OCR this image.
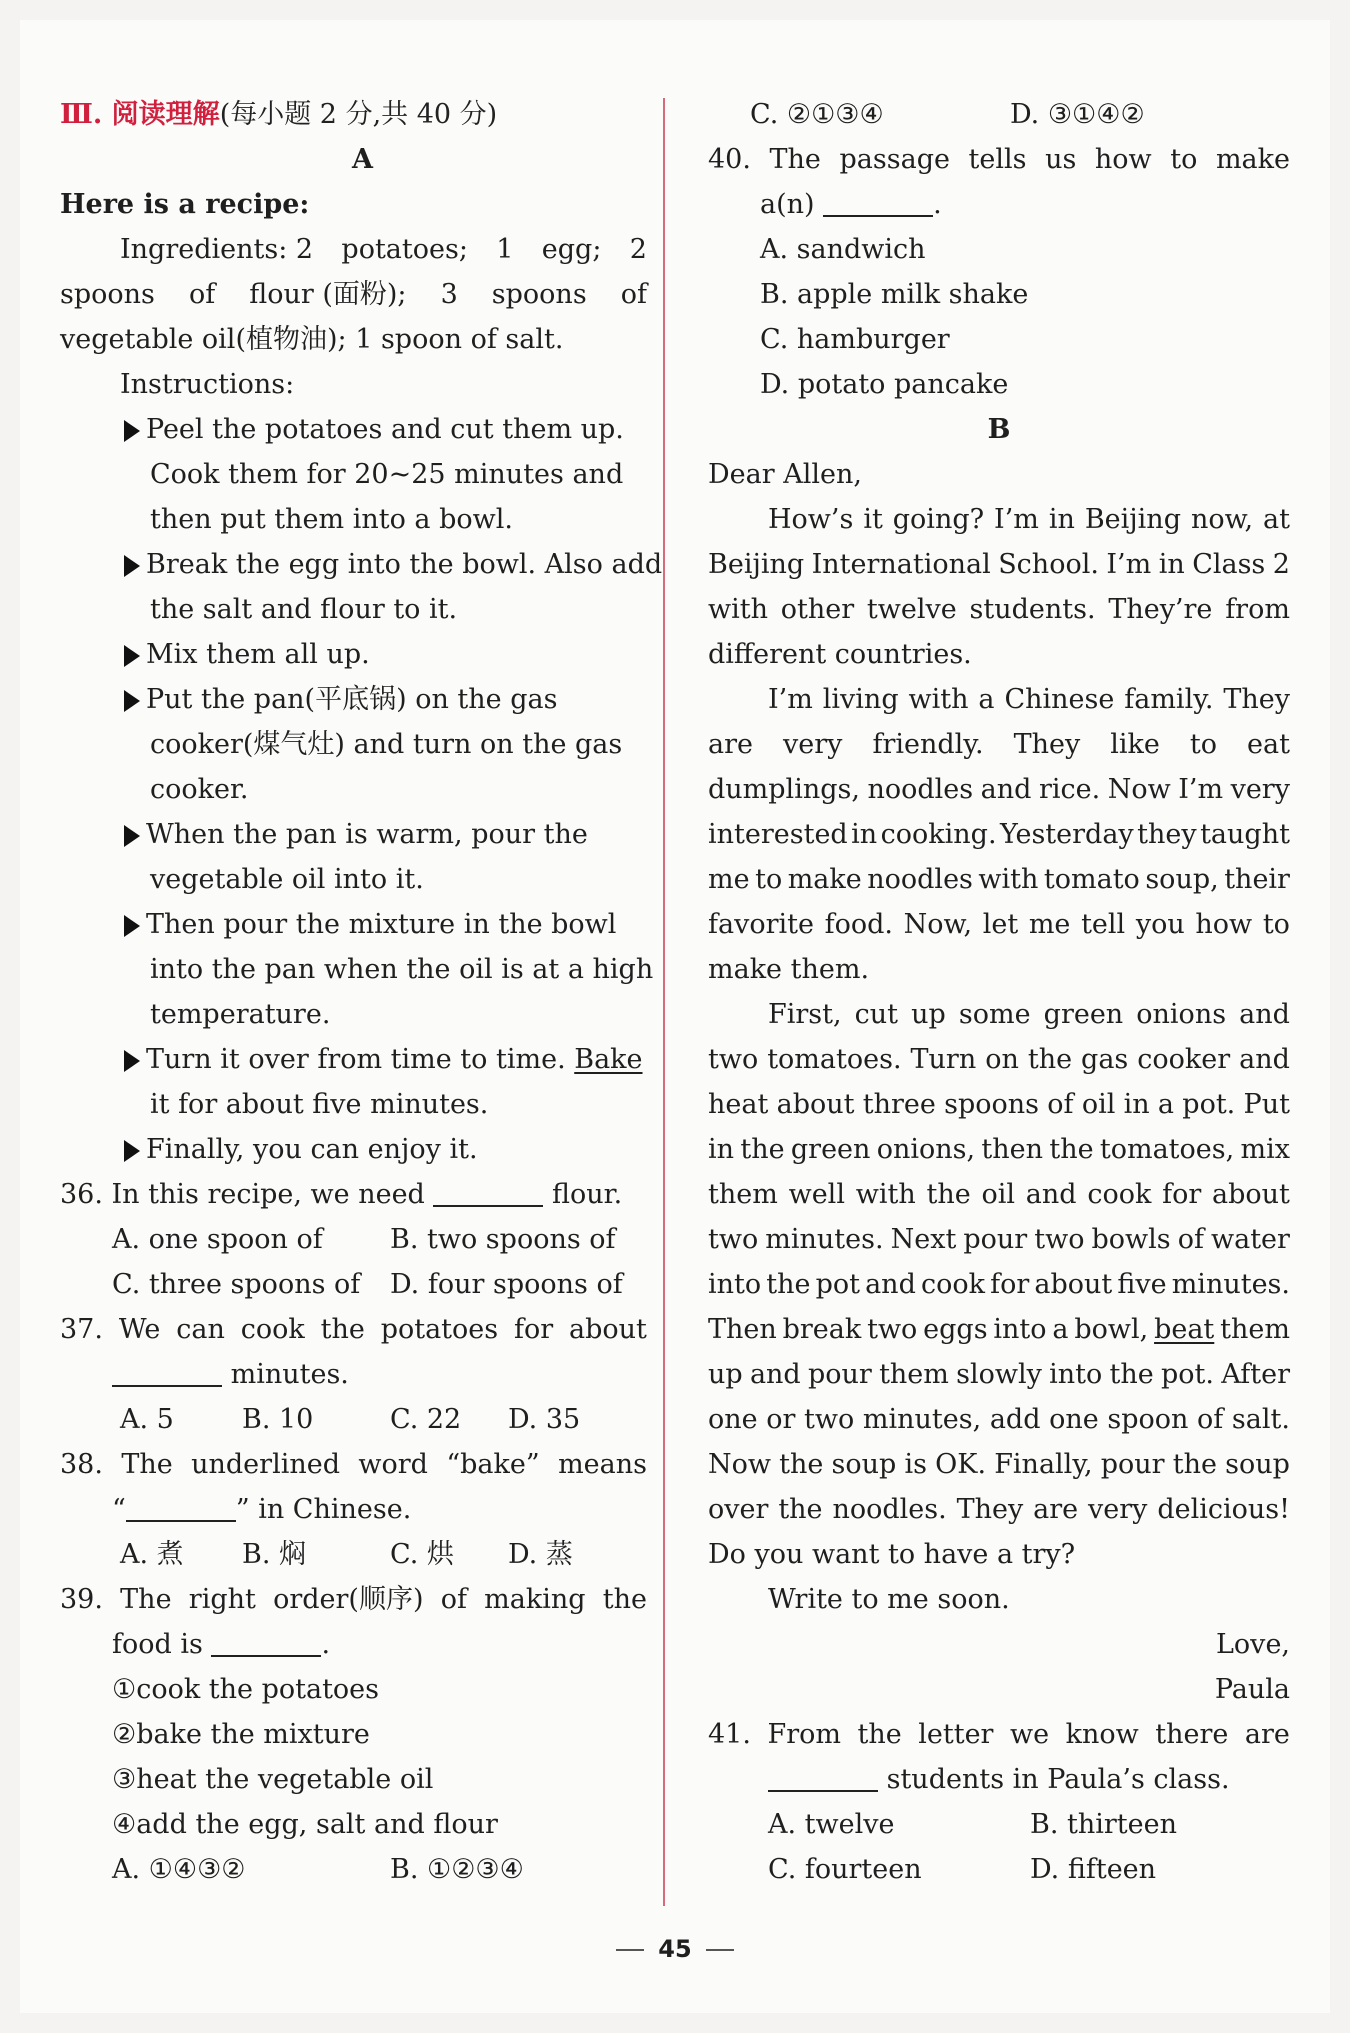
Ⅲ. 阅读理解(每小题 2 分,共 40 分)
A
Here is a recipe:
Ingredients: 2 potatoes; 1 egg; 2
spoons of flour (面粉); 3 spoons of
vegetable oil(植物油); 1 spoon of salt.
Instructions:
Peel the potatoes and cut them up.
Cook them for 20~25 minutes and
then put them into a bowl.
Break the egg into the bowl. Also add
the salt and flour to it.
Mix them all up.
Put the pan(平底锅) on the gas
cooker(煤气灶) and turn on the gas
cooker.
When the pan is warm, pour the
vegetable oil into it.
Then pour the mixture in the bowl
into the pan when the oil is at a high
temperature.
Turn it over from time to time. Bake
it for about five minutes.
Finally, you can enjoy it.
36. In this recipe, we need	flour.
A. one spoon of B. two spoons of
C. three spoons of D. four spoons of
37. We can cook the potatoes for about
minutes.
A. 5	B. 10	C. 22 D. 35
38. The underlined word “bake” means
“	” in Chinese.
A. 煮 B. 焖	C. 烘 D. 蒸
39. The right order(顺序) of making the
food is	.
①cook the potatoes
②bake the mixture
③heat the vegetable oil
④add the egg, salt and flour
A. ①④③②	B. ①②③④
C. ②①③④	D. ③①④②
40. The passage tells us how to make
a(n)	.
A. sandwich
B. apple milk shake
C. hamburger
D. potato pancake
B
Dear Allen,
How’s it going? I’m in Beijing now, at
Beijing International School. I’m in Class 2
with other twelve students. They’re from
different countries.
I’m living with a Chinese family. They
are very friendly. They like to eat
dumplings, noodles and rice. Now I’m very
interested in cooking. Yesterday they taught
me to make noodles with tomato soup, their
favorite food. Now, let me tell you how to
make them.
First, cut up some green onions and
two tomatoes. Turn on the gas cooker and
heat about three spoons of oil in a pot. Put
in the green onions, then the tomatoes, mix
them well with the oil and cook for about
two minutes. Next pour two bowls of water
into the pot and cook for about five minutes.
Then break two eggs into a bowl, beat them
up and pour them slowly into the pot. After
one or two minutes, add one spoon of salt.
Now the soup is OK. Finally, pour the soup
over the noodles. They are very delicious!
Do you want to have a try?
Write to me soon.
Love,
Paula
41. From the letter we know there are
students in Paula’s class.
A. twelve	B. thirteen
C. fourteen	D. fifteen
45
